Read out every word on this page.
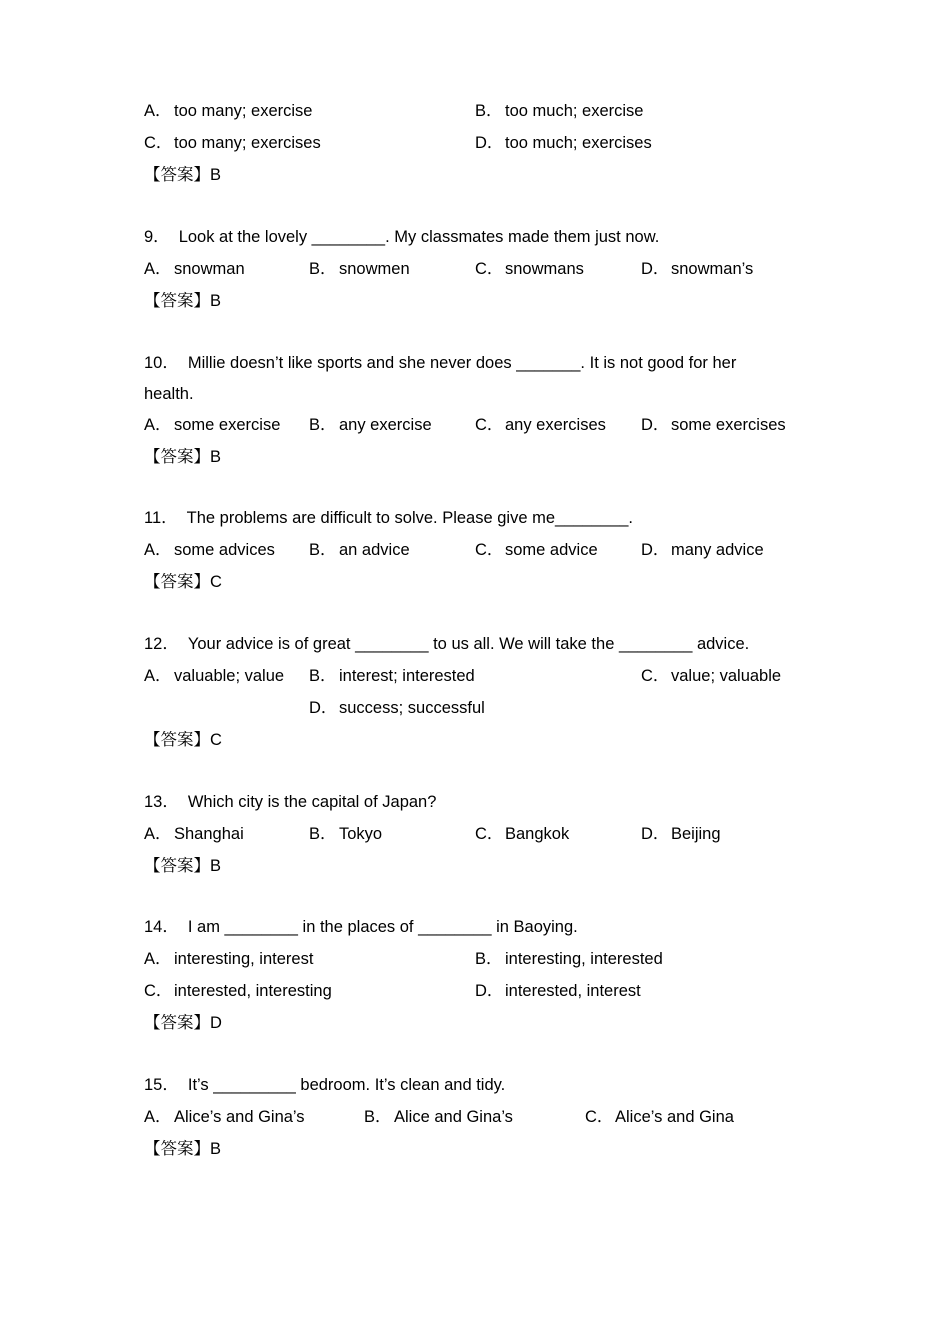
A． too many; exercise	B． too much; exercise
C．too many; exercises	D．too much; exercises
【答案】B
9． Look at the lovely ________. My classmates made them just now.
A． snowman	B． snowmen	C．snowmans	D．snowman’s
【答案】B
10． Millie doesn’t like sports and she never does _______. It is not good for her
health.
A． some exercise B． any exercise	C．any exercises D．some exercises
【答案】B
11． The problems are difficult to solve. Please give me________.
A． some advices B． an advice	C．some advice	D．many advice
【答案】C
12． Your advice is of great ________ to us all. We will take the ________ advice.
A． valuable; value B． interest; interested	C．value; valuable
D．success; successful
【答案】C
13． Which city is the capital of Japan?
A． Shanghai	B． Tokyo	C．Bangkok	D．Beijing
【答案】B
14． I am ________ in the places of ________ in Baoying.
A． interesting, interest	B． interesting, interested
C．interested, interesting	D．interested, interest
【答案】D
15． It’s _________ bedroom. It’s clean and tidy.
A． Alice’s and Gina’s	B． Alice and Gina’s	C．Alice’s and Gina
【答案】B
